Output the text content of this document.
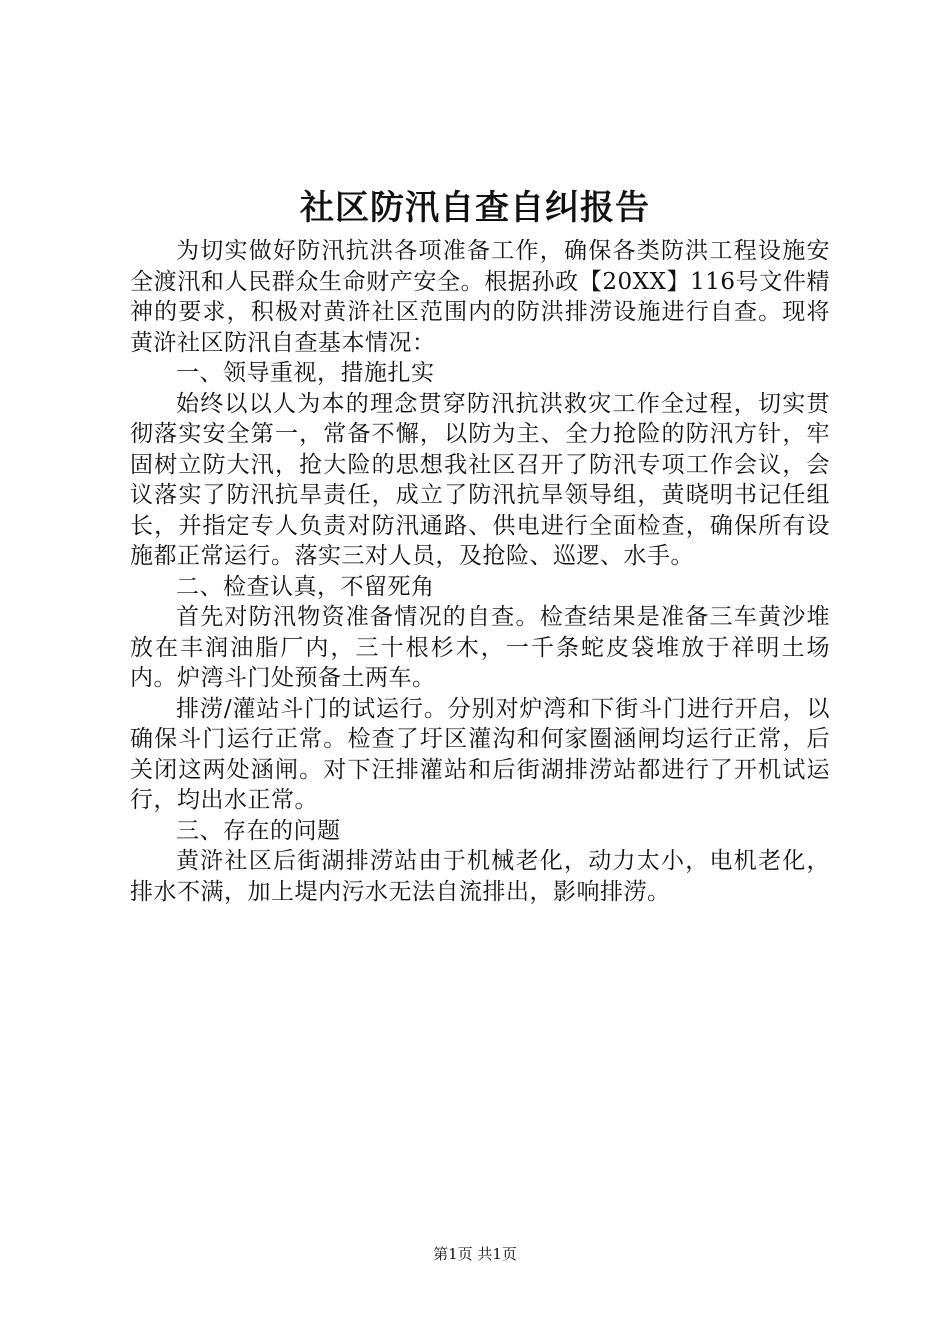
社区防汛自查自纠报告

为切实做好防汛抗洪各项准备工作，确保各类防洪工程设施安全渡汛和人民群众生命财产安全。根据孙政【20XX】116号文件精神的要求，积极对黄浒社区范围内的防洪排涝设施进行自查。现将黄浒社区防汛自查基本情况：

一、领导重视，措施扎实

始终以以人为本的理念贯穿防汛抗洪救灾工作全过程，切实贯彻落实安全第一，常备不懈，以防为主、全力抢险的防汛方针，牢固树立防大汛，抢大险的思想我社区召开了防汛专项工作会议，会议落实了防汛抗旱责任，成立了防汛抗旱领导组，黄晓明书记任组长，并指定专人负责对防汛通路、供电进行全面检查，确保所有设施都正常运行。落实三对人员，及抢险、巡逻、水手。

二、检查认真，不留死角

首先对防汛物资准备情况的自查。检查结果是准备三车黄沙堆放在丰润油脂厂内，三十根杉木，一千条蛇皮袋堆放于祥明土场内。炉湾斗门处预备土两车。

排涝/灌站斗门的试运行。分别对炉湾和下街斗门进行开启，以确保斗门运行正常。检查了圩区灌沟和何家圈涵闸均运行正常，后关闭这两处涵闸。对下汪排灌站和后街湖排涝站都进行了开机试运行，均出水正常。

三、存在的问题

黄浒社区后街湖排涝站由于机械老化，动力太小，电机老化，排水不满，加上堤内污水无法自流排出，影响排涝。

第1页 共1页
